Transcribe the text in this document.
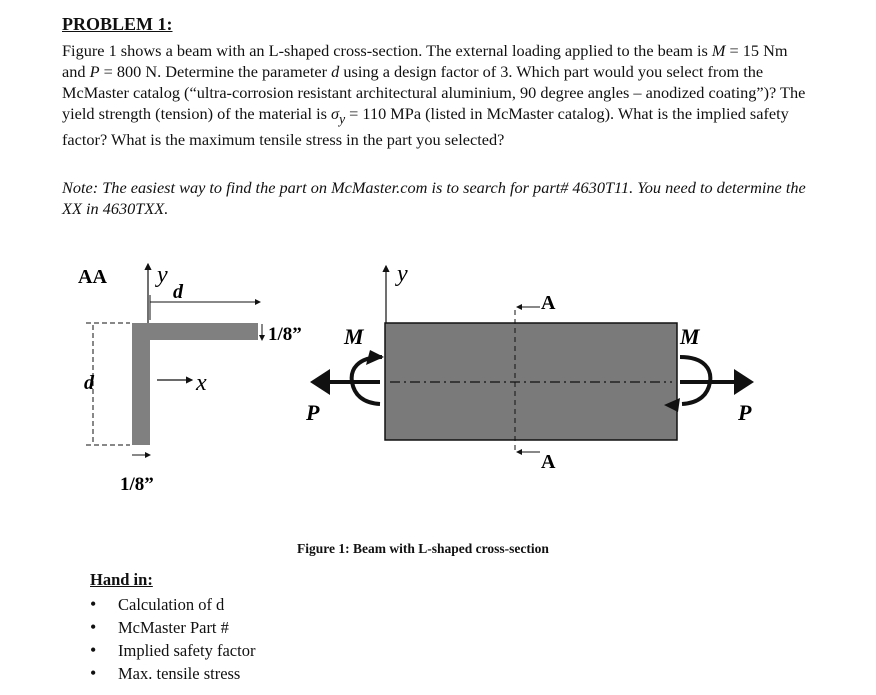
PROBLEM 1:
Figure 1 shows a beam with an L-shaped cross-section. The external loading applied to the beam is M = 15 Nm and P = 800 N. Determine the parameter d using a design factor of 3. Which part would you select from the McMaster catalog (“ultra-corrosion resistant architectural aluminium, 90 degree angles – anodized coating”)? The yield strength (tension) of the material is $\sigma_y = 110$ MPa (listed in McMaster catalog). What is the implied safety factor? What is the maximum tensile stress in the part you selected?
Note: The easiest way to find the part on McMaster.com is to search for part# 4630T11. You need to determine the XX in 4630TXX.
AA y
d
d	x
1/8”
1/8”
y
A
A
M
P
M
P
Figure 1: Beam with L-shaped cross-section
Hand in:
• Calculation of d
• McMaster Part #
• Implied safety factor
• Max. tensile stress
